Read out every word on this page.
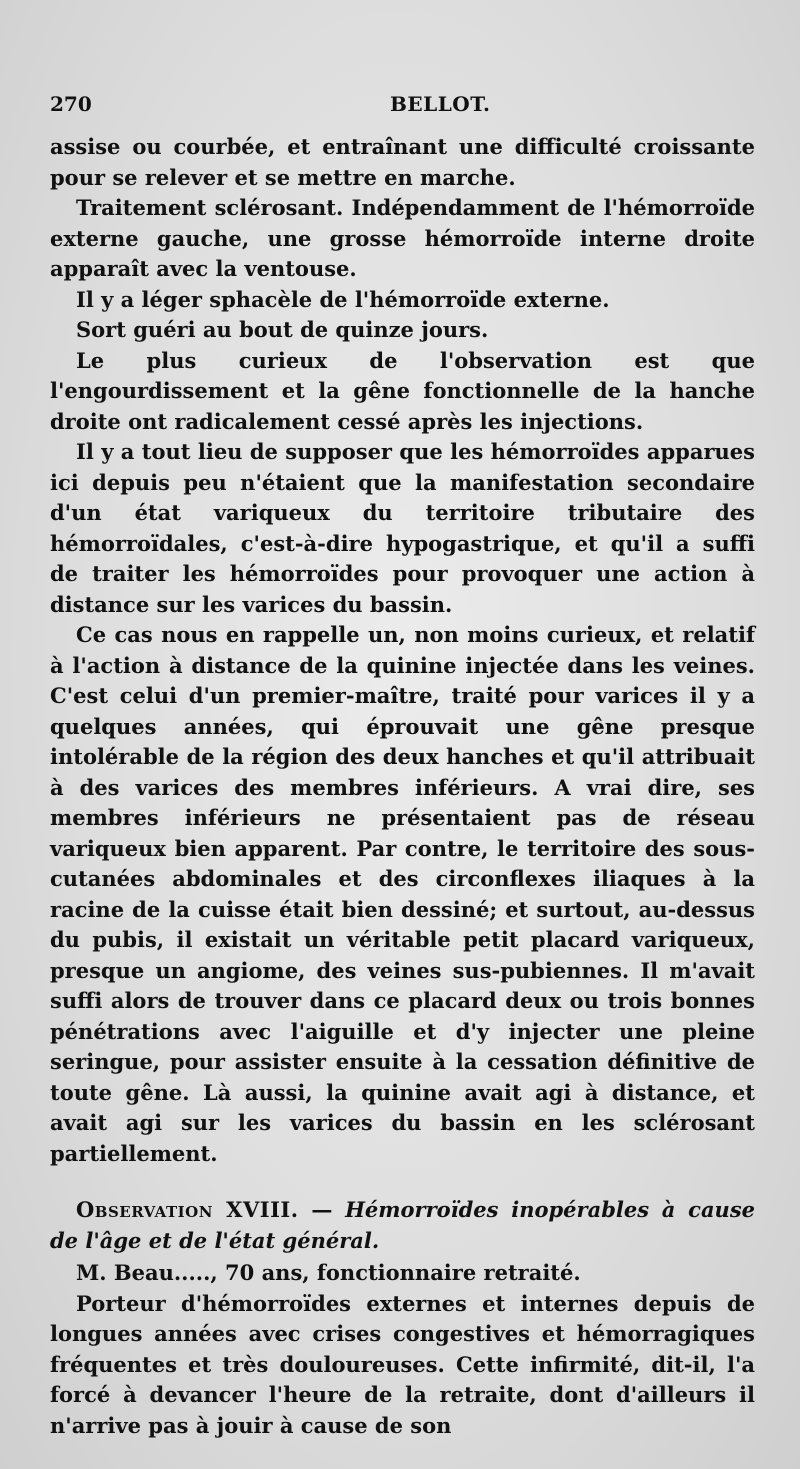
270	BELLOT.

assise ou courbée, et entraînant une difficulté croissante pour se relever et se mettre en marche.

Traitement sclérosant. Indépendamment de l'hémorroïde externe gauche, une grosse hémorroïde interne droite apparaît avec la ventouse.

Il y a léger sphacèle de l'hémorroïde externe.

Sort guéri au bout de quinze jours.

Le plus curieux de l'observation est que l'engourdissement et la gêne fonctionnelle de la hanche droite ont radicalement cessé après les injections.

Il y a tout lieu de supposer que les hémorroïdes apparues ici depuis peu n'étaient que la manifestation secondaire d'un état variqueux du territoire tributaire des hémorroïdales, c'est-à-dire hypogastrique, et qu'il a suffi de traiter les hémorroïdes pour provoquer une action à distance sur les varices du bassin.

Ce cas nous en rappelle un, non moins curieux, et relatif à l'action à distance de la quinine injectée dans les veines. C'est celui d'un premier-maître, traité pour varices il y a quelques années, qui éprouvait une gêne presque intolérable de la région des deux hanches et qu'il attribuait à des varices des membres inférieurs. A vrai dire, ses membres inférieurs ne présentaient pas de réseau variqueux bien apparent. Par contre, le territoire des sous-cutanées abdominales et des circonflexes iliaques à la racine de la cuisse était bien dessiné; et surtout, au-dessus du pubis, il existait un véritable petit placard variqueux, presque un angiome, des veines sus-pubiennes. Il m'avait suffi alors de trouver dans ce placard deux ou trois bonnes pénétrations avec l'aiguille et d'y injecter une pleine seringue, pour assister ensuite à la cessation définitive de toute gêne. Là aussi, la quinine avait agi à distance, et avait agi sur les varices du bassin en les sclérosant partiellement.

Observation XVIII. — Hémorroïdes inopérables à cause de l'âge et de l'état général.

M. Beau....., 70 ans, fonctionnaire retraité.

Porteur d'hémorroïdes externes et internes depuis de longues années avec crises congestives et hémorragiques fréquentes et très douloureuses. Cette infirmité, dit-il, l'a forcé à devancer l'heure de la retraite, dont d'ailleurs il n'arrive pas à jouir à cause de son
